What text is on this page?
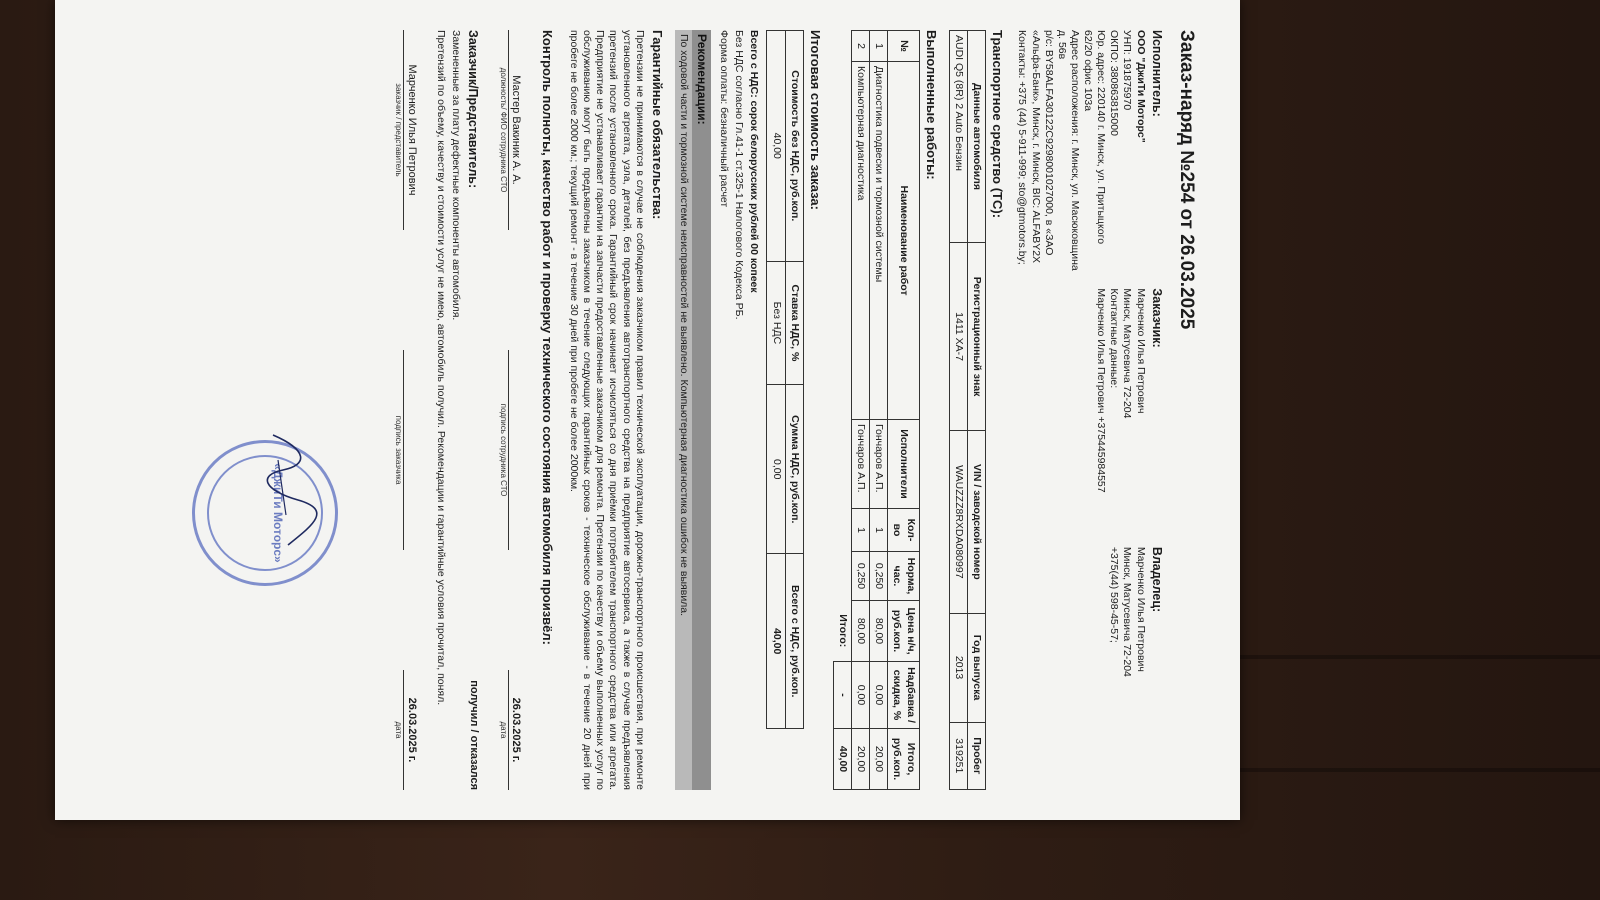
Заказ-наряд №254 от 26.03.2025
Исполнитель:
ООО "ДжиТи Моторс"
УНП: 191875970
ОКПО: 380863815000
Юр. адрес: 220140 г. Минск, ул. Притыцкого 62/20 офис 103а
Адрес расположения: г. Минск, ул. Масюковщина д. 56в
р/с: BY58ALFA30122C9298001027000, в «ЗАО «Альфа-Банк», Минск, г. Минск, BIC: ALFABY2X
Контакты: +375 (44) 5-911-999; sto@gtmotors.by;
Заказчик:
Марченко Илья Петрович
Минск, Матусевича 72-204
Контактные данные:
Марченко Илья Петрович +375445984557
Владелец:
Марченко Илья Петрович
Минск, Матусевича 72-204
+375(44) 598-45-57;
Транспортное средство (ТС):
Данные автомобиля	Регистрационный знак	VIN / заводской номер	Год выпуска	Пробег
AUDI Q5 (8R) 2 Auto Бензин	1411 XA-7	WAUZZZ8RXDA080997	2013	319251
Выполненные работы:
№	Наименование работ	Исполнители	Кол-во	Норма, час.	Цена н/ч, руб.коп.	Надбавка / скидка, %	Итого, руб.коп.
1	Диагностика подвески и тормозной системы	Гончаров А.П.	1	0,250	80,00	0,00	20,00
2	Компьютерная диагностика	Гончаров А.П.	1	0,250	80,00	0,00	20,00
					Итого:	-	40,00
Итоговая стоимость заказа:
Стоимость без НДС, руб.коп.	Ставка НДС, %	Сумма НДС, руб.коп.	Всего с НДС, руб.коп.
40,00	Без НДС	0,00	40,00
Всего с НДС: сорок белорусских рублей 00 копеек
Без НДС согласно Гл.41-1 ст.325-1 Налогового Кодекса РБ.
Форма оплаты: безналичный расчет
Рекомендации:
По ходовой части и тормозной системе неисправностей не выявлено. Компьютерная диагностика ошибок не выявила.
Гарантийные обязательства:
Претензии не принимаются в случае не соблюдения заказчиком правил технической эксплуатации, дорожно-транспортного происшествия, при ремонте установленного агрегата, узла, деталей, без предъявления автотранспортного средства на предприятие автосервиса, а также в случае предъявления претензий после установленного срока. Гарантийный срок начинает исчисляться со дня приёмки потребителем транспортного средства или агрегата. Предприятие не устанавливает гарантии на запчасти предоставленные заказчиком для ремонта. Претензии по качеству и объему выполненных услуг по обслуживанию могут быть предъявлены заказчиком в течение следующих гарантийных сроков - техническое обслуживание - в течение 20 дней при пробеге не более 2000 км.; текущий ремонт - в течение 30 дней при пробеге не более 2000км.
Контроль полноты, качество работ и проверку технического состояния автомобиля произвёл:
Мастер Вакиник А. А.
должность/ ФИО сотрудника СТО
подпись сотрудника СТО
26.03.2025 г.
дата
Заказчик/Представитель:
получил / отказался
Замененные за плату дефектные компоненты автомобиля.
Претензий по объему, качеству и стоимости услуг не имею, автомобиль получил. Рекомендации и гарантийные условия прочитал, понял.
Марченко Илья Петрович
заказчик / представитель
подпись заказчика
26.03.2025 г.
дата
«ДжиТи Моторс»
